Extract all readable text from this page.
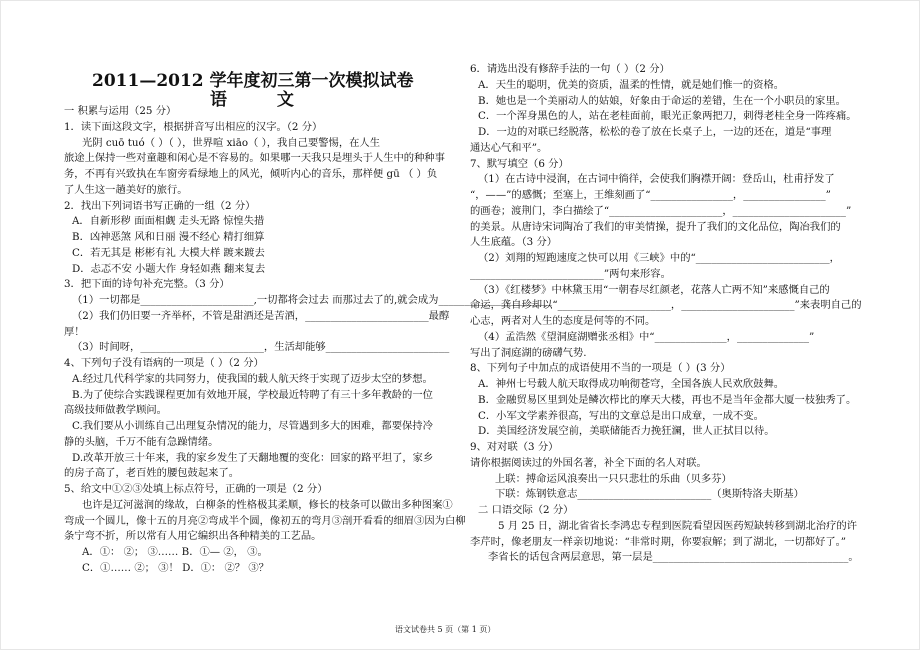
2011—2012 学年度初三第一次模拟试卷
语 文
一 积累与运用（25 分）
1．读下面这段文字，根据拼音写出相应的汉字。（2 分）
光阴 cuō tuó（ ）（ ），世界喧 xiāo（ ），我自己要警惕，在人生
旅途上保持一些对童趣和闲心是不容易的。如果哪一天我只是埋头于人生中的种种事
务，不再有兴致执在车窗旁看绿地上的风光，倾听内心的音乐，那样便 gū （ ）负
了人生这一趟美好的旅行。
2．找出下列词语书写正确的一组（2 分）
A．自新形秽 面面相觑 走头无路 惊惶失措
B．凶神恶煞 风和日丽 漫不经心 精打细算
C．若无其是 彬彬有礼 大模大样 踱来踱去
D．忐忑不安 小题大作 身轻如燕 翻来复去
3．把下面的诗句补充完整。（3 分）
（1）一切都是______________________,一切都将会过去 而那过去了的,就会成为______________________
（2）我们仍旧要一齐举杯，不管是甜酒还是苦酒，________________________最醇
厚！
（3）时间呀，________________________，生活却能够________________________
4、下列句子没有语病的一项是（ ）（2 分）
A.经过几代科学家的共同努力，使我国的载人航天终于实现了迈步太空的梦想。
B.为了使综合实践课程更加有效地开展，学校最近特聘了有三十多年教龄的一位
高级技师做教学顾问。
C.我们要从小训练自己出理复杂情况的能力，尽管遇到多大的困难，都要保持冷
静的头脑，千万不能有急躁情绪。
D.改革开放三十年来，我的家乡发生了天翻地覆的变化：回家的路平坦了，家乡
的房子高了，老百姓的腰包鼓起来了。
5、给文中①②③处填上标点符号，正确的一项是（2 分）
也许是辽河滋润的缘故，白柳条的性格极其柔顺，修长的枝条可以做出多种图案①
弯成一个圆儿，像十五的月亮②弯成半个圆，像初五的弯月③剖开看看的细眉③因为白柳
条宁弯不折，所以常有人用它编织出各种精美的工艺品。
A．①： ②； ③…… B．①— ②， ③。
C．①…… ②； ③！ D．①： ②？ ③？
6．请选出没有修辞手法的一句（ ）（2 分）
A．天生的聪明，优美的资质，温柔的性情，就是她们惟一的资格。
B．她也是一个美丽动人的姑娘，好象由于命运的差错，生在一个小职员的家里。
C．一个浑身黑色的人，站在老桂面前，眼光正象两把刀，刺得老桂全身一阵疼痛。
D．一边的对联已经脱落，松松的卷了放在长桌子上，一边的还在，道是“事理
通达心气和平”。
7、默写填空（6 分）
（1）在古诗中浸润，在古词中徜徉，会使我们胸襟开阔：登岳山，杜甫抒发了
“，——”的感慨；至塞上，王维刻画了“________________，________________”
的画卷；渡荆门，李白描绘了“______________________，______________________”
的美景。从唐诗宋词陶冶了我们的审美情操，提升了我们的文化品位，陶冶我们的
人生底蕴。（3 分）
（2）刘翔的短跑速度之快可以用《三峡》中的“__________________________，
__________________________”两句来形容。
（3）《红楼梦》中林黛玉用“一朝春尽红颜老，花落人亡两不知”来感慨自己的
命运，龚自珍却以“______________________，______________________”来表明自己的
心志，两者对人生的态度是何等的不同。
（4）孟浩然《望洞庭湖赠张丞相》中“______________，______________”
写出了洞庭湖的磅礴气势.
8、下列句子中加点的成语使用不当的一项是（ ）(3 分）
A．神州七号载人航天取得成功响彻苍穹，全国各族人民欢欣鼓舞。
B．金融贸易区里到处是鳞次栉比的摩天大楼，再也不是当年金都大厦一枝独秀了。
C．小军文学素养很高，写出的文章总是出口成章，一成不变。
D．美国经济发展空前，美联储能否力挽狂澜，世人正拭目以待。
9、对对联（3 分）
请你根据阅读过的外国名著，补全下面的名人对联。
上联：搏命运风浪奏出一只只悲壮的乐曲（贝多芬）
下联：炼钢铁意志__________________________（奥斯特洛夫斯基）
二 口语交际（2 分）
5 月 25 日，湖北省省长李鸿忠专程到医院看望因医药短缺转移到湖北治疗的许
李芹时，像老朋友一样亲切地说：“非常时期，你要寂解；到了湖北，一切都好了。”
李省长的话包含两层意思，第一层是______________________________________。
语文试卷共 5 页（第 1 页）
